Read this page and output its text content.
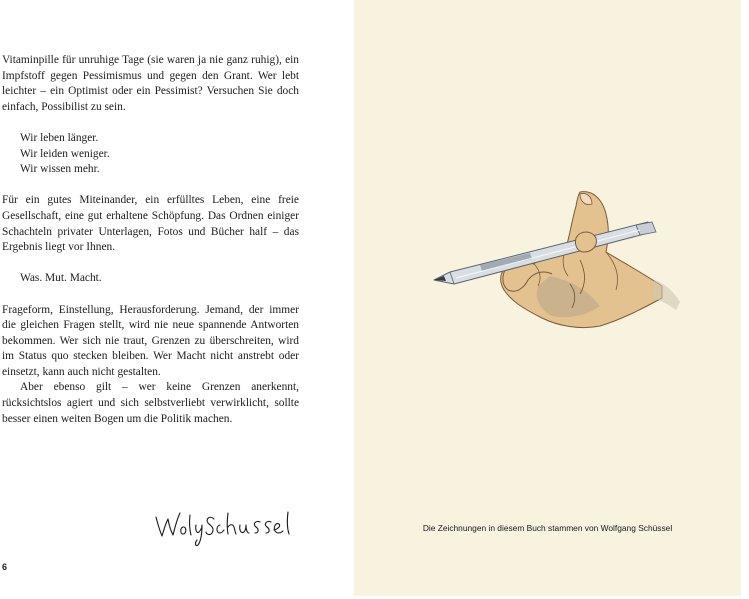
Vitaminpille für unruhige Tage (sie waren ja nie ganz ruhig), ein Impfstoff gegen Pessimismus und gegen den Grant. Wer lebt leichter – ein Optimist oder ein Pessimist? Versuchen Sie doch einfach, Possibilist zu sein.

Wir leben länger.

Wir leiden weniger.

Wir wissen mehr.

Für ein gutes Miteinander, ein erfülltes Leben, eine freie Gesellschaft, eine gut erhaltene Schöpfung. Das Ordnen einiger Schachteln privater Unterlagen, Fotos und Bücher half – das Ergebnis liegt vor Ihnen.

Was. Mut. Macht.

Frageform, Einstellung, Herausforderung. Jemand, der immer die gleichen Fragen stellt, wird nie neue spannende Antworten bekommen. Wer sich nie traut, Grenzen zu überschreiten, wird im Status quo stecken bleiben. Wer Macht nicht anstrebt oder einsetzt, kann auch nicht gestalten.

Aber ebenso gilt – wer keine Grenzen anerkennt, rücksichtslos agiert und sich selbstverliebt verwirklicht, sollte besser einen weiten Bogen um die Politik machen.

6
Die Zeichnungen in diesem Buch stammen von Wolfgang Schüssel
